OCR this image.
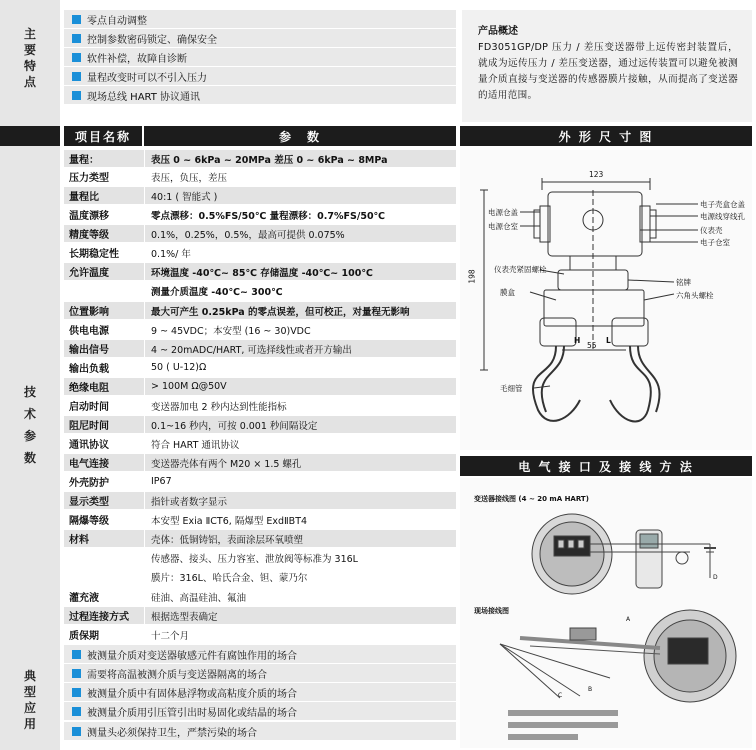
主
要
特
点
零点自动调整
控制参数密码锁定、确保安全
软件补偿，故障自诊断
量程改变时可以不引入压力
现场总线 HART 协议通讯
产品概述

FD3051GP/DP 压力 / 差压变送器带上远传密封装置后，就成为远传压力 / 差压变送器，通过远传装置可以避免被测量介质直接与变送器的传感器膜片接触，从而提高了变送器的适用范围。

项目名称	参　数	外 形 尺 寸 图
技
术
参
数
量程：	表压 0 ~ 6kPa ~ 20MPa 差压 0 ~ 6kPa ~ 8MPa
压力类型	表压，负压，差压
量程比	40:1 ( 智能式 )
温度漂移	零点漂移：0.5%FS/50℃ 量程漂移：0.7%FS/50℃
精度等级	0.1%，0.25%，0.5%，最高可提供 0.075%
长期稳定性	0.1%/ 年
允许温度	环境温度 -40℃~ 85℃ 存储温度 -40℃~ 100℃
测量介质温度 -40℃~ 300℃
位置影响	最大可产生 0.25kPa 的零点误差，但可校正，对量程无影响
供电电源	9 ~ 45VDC；本安型 (16 ~ 30)VDC
输出信号	4 ~ 20mADC/HART, 可选择线性或者开方输出
输出负载	50 ( U-12)Ω
绝缘电阻	> 100M Ω@50V
启动时间	变送器加电 2 秒内达到性能指标
阻尼时间	0.1~16 秒内，可按 0.001 秒间隔设定
通讯协议	符合 HART 通讯协议
电气连接	变送器壳体有两个 M20 × 1.5 螺孔
外壳防护	IP67
显示类型	指针或者数字显示
隔爆等级	本安型 Exia ⅡCT6, 隔爆型 ExdⅡBT4
材料	壳体：低铜铸铝，表面涂层环氧喷塑
传感器、接头、压力容室、泄放阀等标准为 316L
膜片：316L、哈氏合金、钽、蒙乃尔
灌充液	硅油、高温硅油、氟油
过程连接方式	根据选型表确定
质保期	十二个月
典
型
应
用
被测量介质对变送器敏感元件有腐蚀作用的场合
需要将高温被测介质与变送器隔离的场合
被测量介质中有固体悬浮物或高粘度介质的场合
被测量介质用引压管引出时易固化或结晶的场合
测量头必须保持卫生，严禁污染的场合
123
198
55
H	L
电源仓盖
电源仓室
电子壳盒仓盖
电源线穿线孔
仪表壳
电子仓室
仪表壳紧固螺栓
膜盒
铭牌
六角头螺栓
毛细管
电 气 接 口 及 接 线 方 法
变送器接线图 (4 ~ 20 mA HART)
现场接线图
A
B
C
D
